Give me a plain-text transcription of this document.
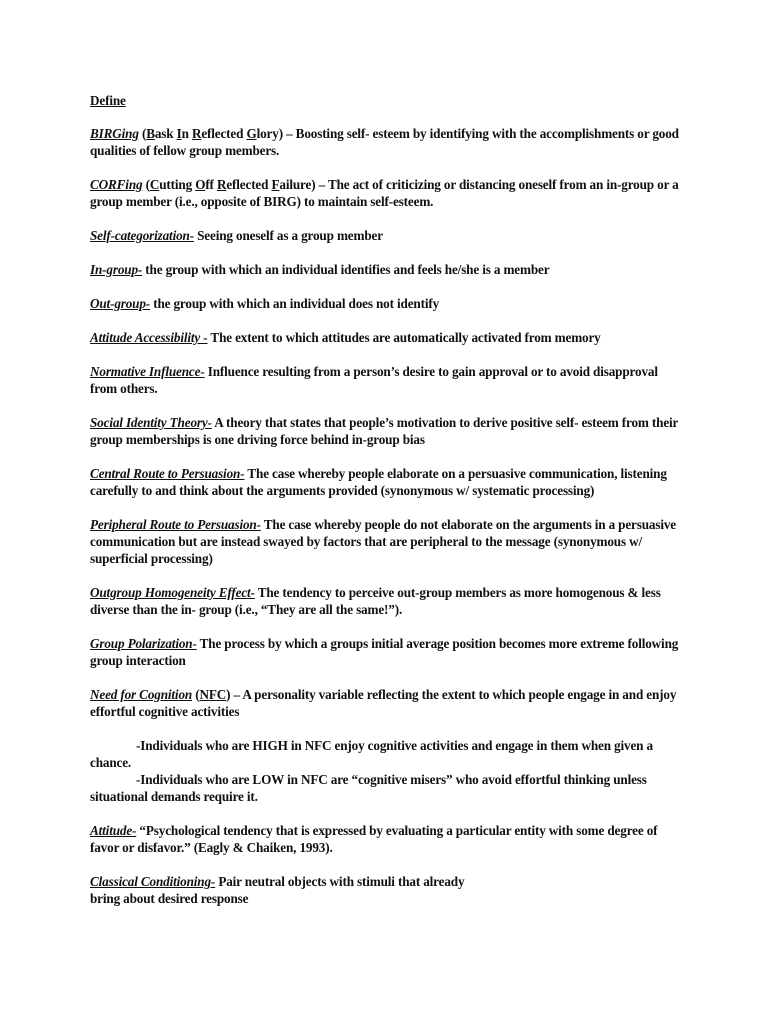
Define

BIRGing (Bask In Reflected Glory) – Boosting self- esteem by identifying with the accomplishments or good qualities of fellow group members.

CORFing (Cutting Off Reflected Failure) – The act of criticizing or distancing oneself from an in-group or a group member (i.e., opposite of BIRG) to maintain self-esteem.

Self-categorization- Seeing oneself as a group member

In-group- the group with which an individual identifies and feels he/she is a member

Out-group- the group with which an individual does not identify

Attitude Accessibility - The extent to which attitudes are automatically activated from memory

Normative Influence- Influence resulting from a person’s desire to gain approval or to avoid disapproval from others.

Social Identity Theory- A theory that states that people’s motivation to derive positive self- esteem from their group memberships is one driving force behind in-group bias

Central Route to Persuasion- The case whereby people elaborate on a persuasive communication, listening carefully to and think about the arguments provided (synonymous w/ systematic processing)

Peripheral Route to Persuasion- The case whereby people do not elaborate on the arguments in a persuasive communication but are instead swayed by factors that are peripheral to the message (synonymous w/ superficial processing)

Outgroup Homogeneity Effect- The tendency to perceive out-group members as more homogenous & less diverse than the in- group (i.e., “They are all the same!”).

Group Polarization- The process by which a groups initial average position becomes more extreme following group interaction

Need for Cognition (NFC) – A personality variable reflecting the extent to which people engage in and enjoy effortful cognitive activities

-Individuals who are HIGH in NFC enjoy cognitive activities and engage in them when given a chance.

-Individuals who are LOW in NFC are “cognitive misers” who avoid effortful thinking unless situational demands require it.

Attitude- “Psychological tendency that is expressed by evaluating a particular entity with some degree of favor or disfavor.” (Eagly & Chaiken, 1993).

Classical Conditioning- Pair neutral objects with stimuli that already
bring about desired response
